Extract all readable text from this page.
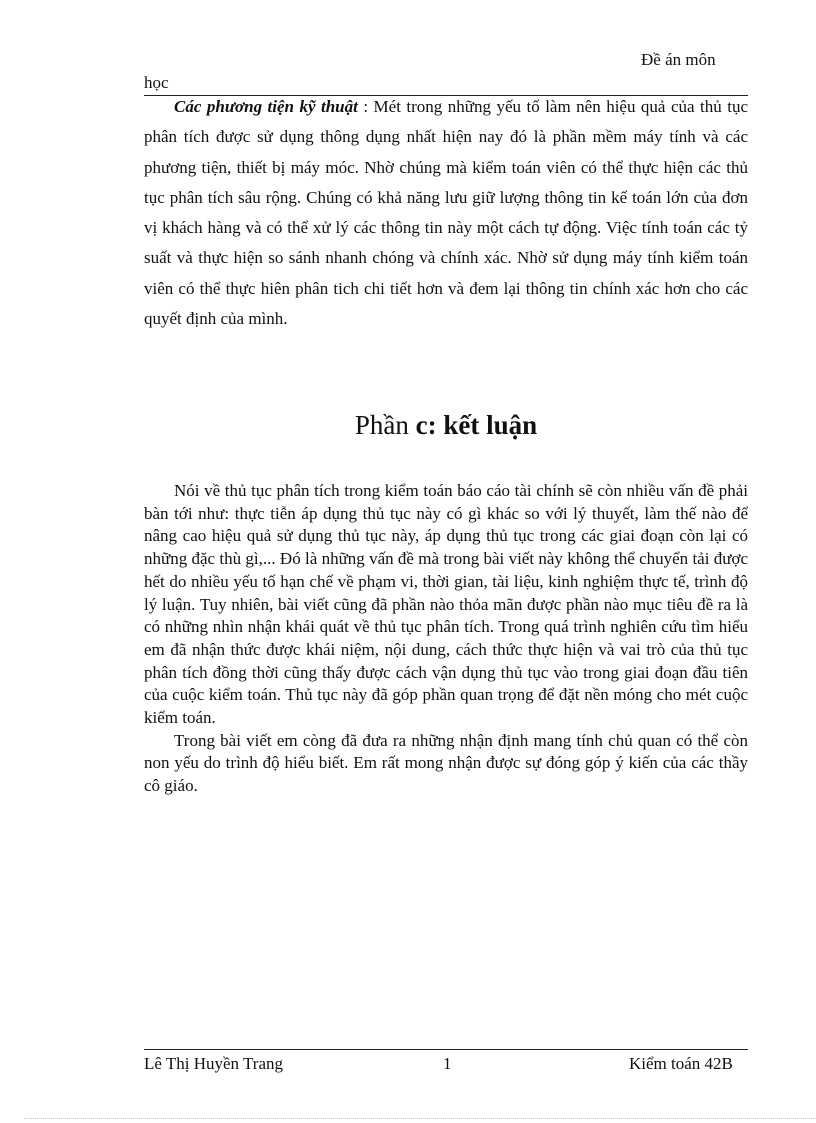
Đề án môn
học

Các phương tiện kỹ thuật : Mét trong những yếu tố làm nên hiệu quả của thủ tục phân tích được sử dụng thông dụng nhất hiện nay đó là phần mềm máy tính và các phương tiện, thiết bị máy móc. Nhờ chúng mà kiểm toán viên có thể thực hiện các thủ tục phân tích sâu rộng. Chúng có khả năng lưu giữ lượng thông tin kế toán lớn của đơn vị khách hàng và có thể xử lý các thông tin này một cách tự động. Việc tính toán các tỷ suất và thực hiện so sánh nhanh chóng và chính xác. Nhờ sử dụng máy tính kiểm toán viên có thể thực hiên phân tich chi tiết hơn và đem lại thông tin chính xác hơn cho các quyết định của mình.

Phần c: kết luận

Nói về thủ tục phân tích trong kiểm toán báo cáo tài chính sẽ còn nhiều vấn đề phải bàn tới như: thực tiễn áp dụng thủ tục này có gì khác so với lý thuyết, làm thế nào để nâng cao hiệu quả sử dụng thủ tục này, áp dụng thủ tục trong các giai đoạn còn lại có những đặc thù gì,... Đó là những vấn đề mà trong bài viết này không thể chuyển tải được hết do nhiều yếu tố hạn chế về phạm vi, thời gian, tài liệu, kinh nghiệm thực tế, trình độ lý luận. Tuy nhiên, bài viết cũng đã phần nào thỏa mãn được phần nào mục tiêu đề ra là có những nhìn nhận khái quát về thủ tục phân tích. Trong quá trình nghiên cứu tìm hiểu em đã nhận thức được khái niệm, nội dung, cách thức thực hiện và vai trò của thủ tục phân tích đồng thời cũng thấy được cách vận dụng thủ tục vào trong giai đoạn đầu tiên của cuộc kiểm toán. Thủ tục này đã góp phần quan trọng để đặt nền móng cho mét cuộc kiểm toán.

Trong bài viết em còng đã đưa ra những nhận định mang tính chủ quan có thể còn non yếu do trình độ hiểu biết. Em rất mong nhận được sự đóng góp ý kiến của các thầy cô giáo.

Lê Thị Huyền Trang	1	Kiểm toán 42B
